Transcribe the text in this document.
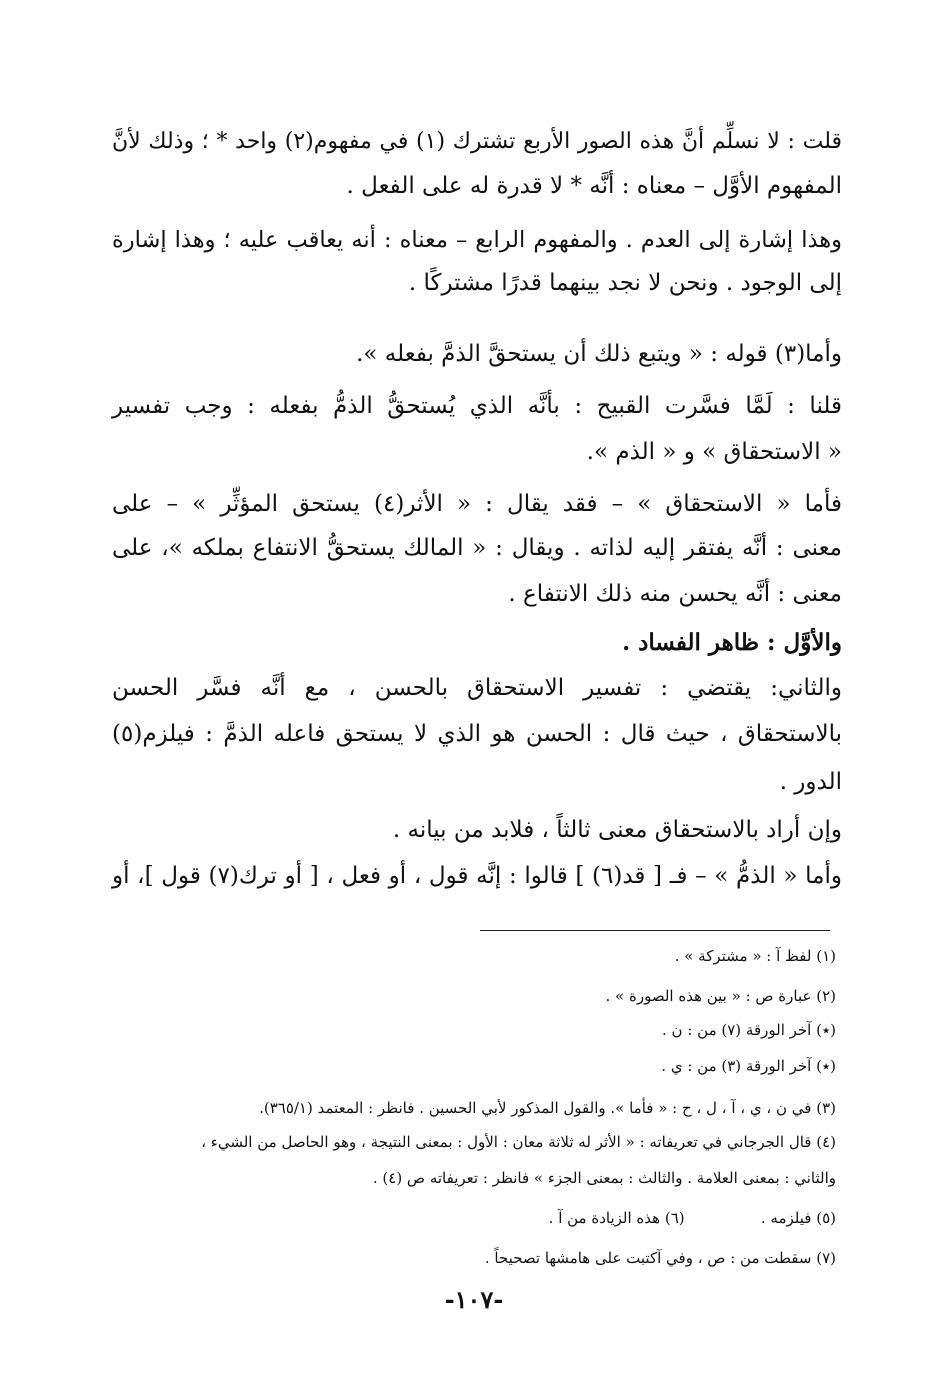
قلت : لا نسلِّم أنَّ هذه الصور الأربع تشترك (١) في مفهوم(٢) واحد * ؛ وذلك لأنَّ
المفهوم الأوَّل – معناه : أنَّه * لا قدرة له على الفعل .
وهذا إشارة إلى العدم . والمفهوم الرابع – معناه : أنه يعاقب عليه ؛ وهذا إشارة
إلى الوجود . ونحن لا نجد بينهما قدرًا مشتركًا .
وأما(٣) قوله : « ويتبع ذلك أن يستحقَّ الذمَّ بفعله ».
قلنا : لَمَّا فسَّرت القبيح : بأنَّه الذي يُستحقُّ الذمُّ بفعله : وجب تفسير
« الاستحقاق » و « الذم ».
فأما « الاستحقاق » – فقد يقال : « الأثر(٤) يستحق المؤثِّر » – على
معنى : أنَّه يفتقر إليه لذاته . ويقال : « المالك يستحقُّ الانتفاع بملكه »، على
معنى : أنَّه يحسن منه ذلك الانتفاع .
والأوَّل : ظاهر الفساد .
والثاني: يقتضي : تفسير الاستحقاق بالحسن ، مع أنَّه فسَّر الحسن
بالاستحقاق ، حيث قال : الحسن هو الذي لا يستحق فاعله الذمَّ : فيلزم(٥)
الدور .
وإن أراد بالاستحقاق معنى ثالثاً ، فلابد من بيانه .
وأما « الذمُّ » – فـ [ قد(٦) ] قالوا : إنَّه قول ، أو فعل ، [ أو ترك(٧) قول ]، أو
(١) لفظ آ : « مشتركة » .
(٢) عبارة ص : « بين هذه الصورة » .
(٭) آخر الورقة (٧) من : ن .
(٭) آخر الورقة (٣) من : ي .
(٣) في ن ، ي ، آ ، ل ، ح : « فأما ». والقول المذكور لأبي الحسين . فانظر : المعتمد (٣٦٥/١).
(٤) قال الجرجاني في تعريفاته : « الأثر له ثلاثة معان : الأول : بمعنى النتيجة ، وهو الحاصل من الشيء ،
والثاني : بمعنى العلامة . والثالث : بمعنى الجزء » فانظر : تعريفاته ص (٤) .
(٥) فيلزمه .                (٦) هذه الزيادة من آ .
(٧) سقطت من : ص ، وفي آكتبت على هامشها تصحيحاً .
-١٠٧-
